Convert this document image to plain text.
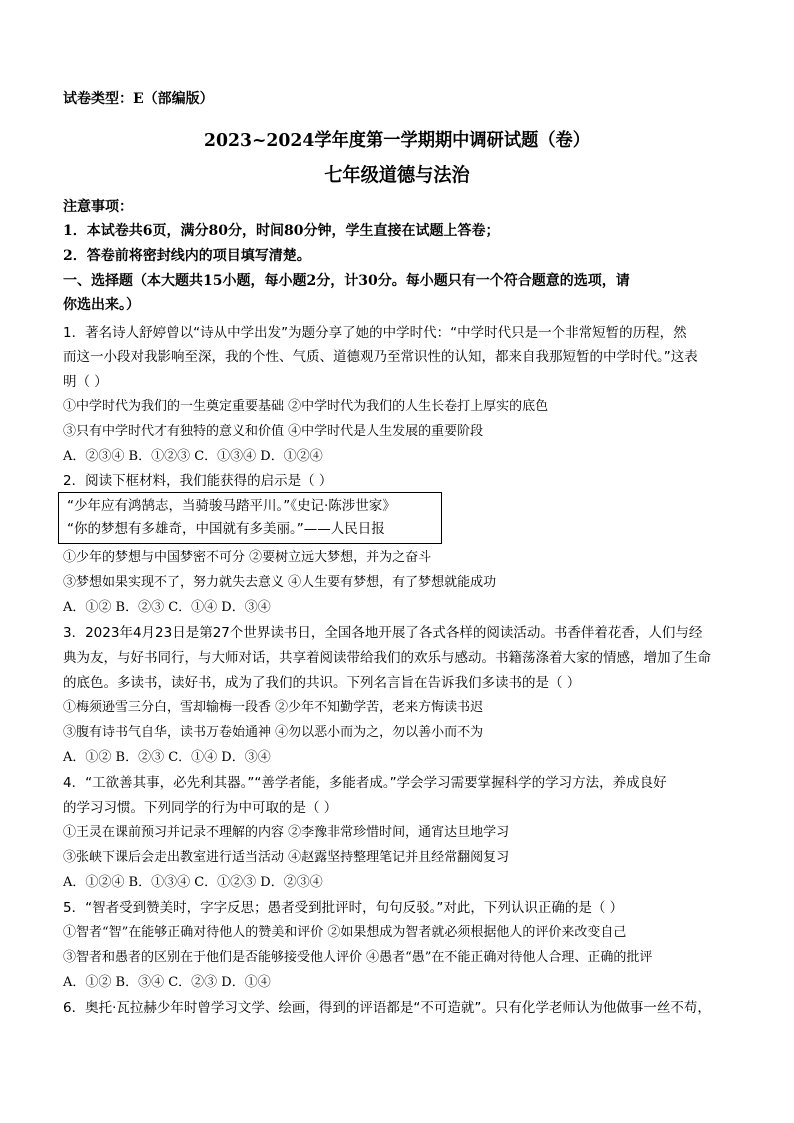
试卷类型：E（部编版）
2023~2024学年度第一学期期中调研试题（卷）
七年级道德与法治
注意事项：
1．本试卷共6页，满分80分，时间80分钟，学生直接在试题上答卷；
2．答卷前将密封线内的项目填写清楚。
一、选择题（本大题共15小题，每小题2分，计30分。每小题只有一个符合题意的选项，请
你选出来。）
1．著名诗人舒婷曾以“诗从中学出发”为题分享了她的中学时代：“中学时代只是一个非常短暂的历程，然
而这一小段对我影响至深，我的个性、气质、道德观乃至常识性的认知，都来自我那短暂的中学时代。”这表
明（ ）
①中学时代为我们的一生奠定重要基础 ②中学时代为我们的人生长卷打上厚实的底色
③只有中学时代才有独特的意义和价值 ④中学时代是人生发展的重要阶段
A．②③④ B．①②③ C．①③④ D．①②④
2．阅读下框材料，我们能获得的启示是（ ）
“少年应有鸿鹄志，当骑骏马踏平川。”《史记·陈涉世家》
“你的梦想有多雄奇，中国就有多美丽。”——人民日报
①少年的梦想与中国梦密不可分 ②要树立远大梦想，并为之奋斗
③梦想如果实现不了，努力就失去意义 ④人生要有梦想，有了梦想就能成功
A．①② B．②③ C．①④ D．③④
3．2023年4月23日是第27个世界读书日，全国各地开展了各式各样的阅读活动。书香伴着花香，人们与经
典为友，与好书同行，与大师对话，共享着阅读带给我们的欢乐与感动。书籍荡涤着大家的情感，增加了生命
的底色。多读书，读好书，成为了我们的共识。下列名言旨在告诉我们多读书的是（ ）
①梅须逊雪三分白，雪却输梅一段香 ②少年不知勤学苦，老来方悔读书迟
③腹有诗书气自华，读书万卷始通神 ④勿以恶小而为之，勿以善小而不为
A．①② B．②③ C．①④ D．③④
4．“工欲善其事，必先利其器。”“善学者能，多能者成。”学会学习需要掌握科学的学习方法，养成良好
的学习习惯。下列同学的行为中可取的是（ ）
①王灵在课前预习并记录不理解的内容 ②李豫非常珍惜时间，通宵达旦地学习
③张峡下课后会走出教室进行适当活动 ④赵露坚持整理笔记并且经常翻阅复习
A．①②④ B．①③④ C．①②③ D．②③④
5．“智者受到赞美时，字字反思；愚者受到批评时，句句反驳。”对此，下列认识正确的是（ ）
①智者“智”在能够正确对待他人的赞美和评价 ②如果想成为智者就必须根据他人的评价来改变自己
③智者和愚者的区别在于他们是否能够接受他人评价 ④愚者“愚”在不能正确对待他人合理、正确的批评
A．①② B．③④ C．②③ D．①④
6．奥托·瓦拉赫少年时曾学习文学、绘画，得到的评语都是“不可造就”。只有化学老师认为他做事一丝不苟，
